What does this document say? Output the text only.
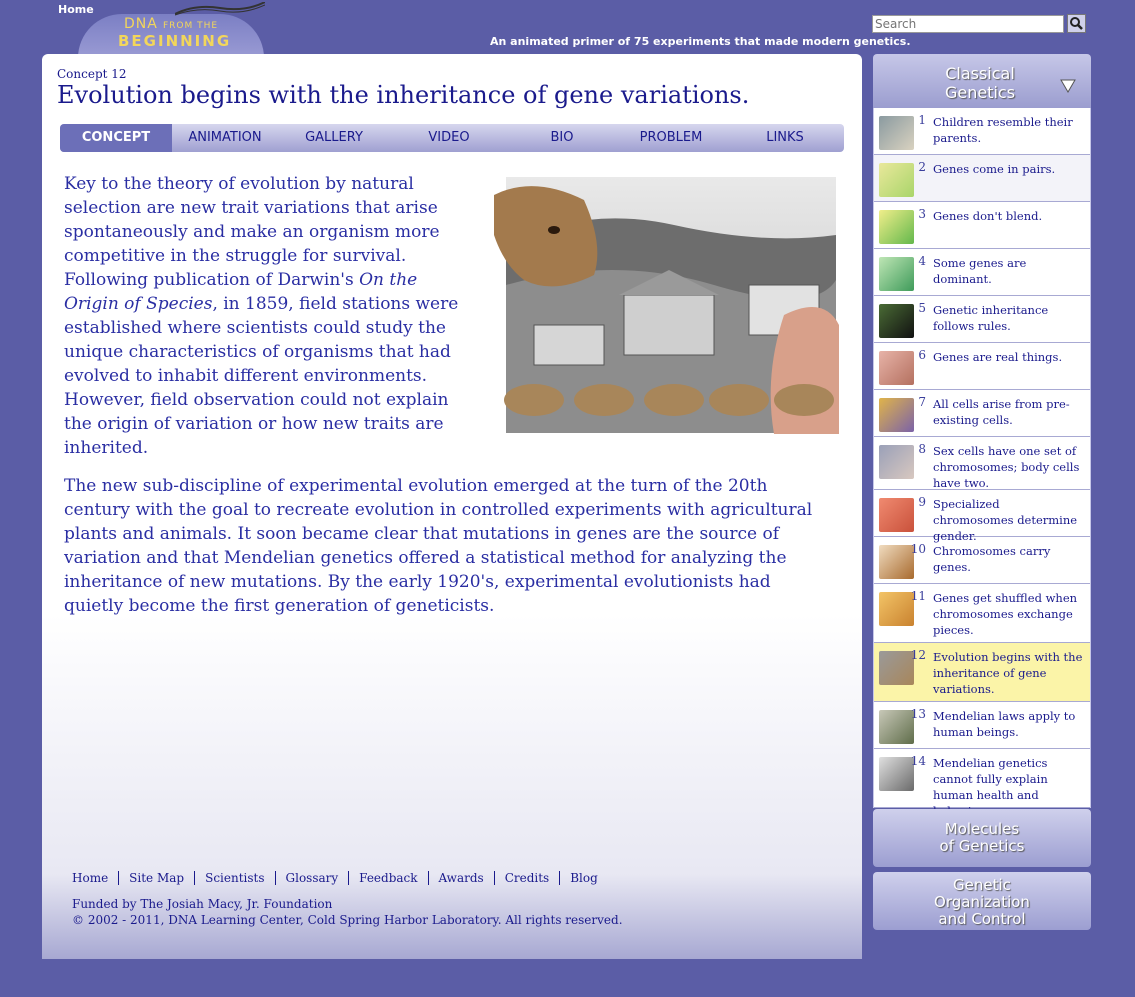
Home
DNA FROM THE
BEGINNING	An animated primer of 75 experiments that made modern genetics.
Search
Concept 12
Evolution begins with the inheritance of gene variations.
CONCEPT	ANIMATION	GALLERY	VIDEO	BIO	PROBLEM	LINKS

Key to the theory of evolution by natural selection are new trait variations that arise spontaneously and make an organism more competitive in the struggle for survival. Following publication of Darwin's On the Origin of Species, in 1859, field stations were established where scientists could study the unique characteristics of organisms that had evolved to inhabit different environments. However, field observation could not explain the origin of variation or how new traits are inherited.

The new sub-discipline of experimental evolution emerged at the turn of the 20th century with the goal to recreate evolution in controlled experiments with agricultural plants and animals. It soon became clear that mutations in genes are the source of variation and that Mendelian genetics offered a statistical method for analyzing the inheritance of new mutations. By the early 1920's, experimental evolutionists had quietly become the first generation of geneticists.

Home	Site Map	Scientists	Glossary	Feedback	Awards	Credits	Blog
Funded by The Josiah Macy, Jr. Foundation
© 2002 - 2011, DNA Learning Center, Cold Spring Harbor Laboratory. All rights reserved.
Classical
Genetics
1 Children resemble their parents.
2 Genes come in pairs.
3 Genes don't blend.
4 Some genes are dominant.
5 Genetic inheritance follows rules.
6 Genes are real things.
7 All cells arise from pre-existing cells.
8 Sex cells have one set of chromosomes; body cells have two.
9 Specialized chromosomes determine gender.
10 Chromosomes carry genes.
11 Genes get shuffled when chromosomes exchange pieces.
12 Evolution begins with the inheritance of gene variations.
13 Mendelian laws apply to human beings.
14 Mendelian genetics cannot fully explain human health and
Molecules
of Genetics
Genetic
Organization
and Control
